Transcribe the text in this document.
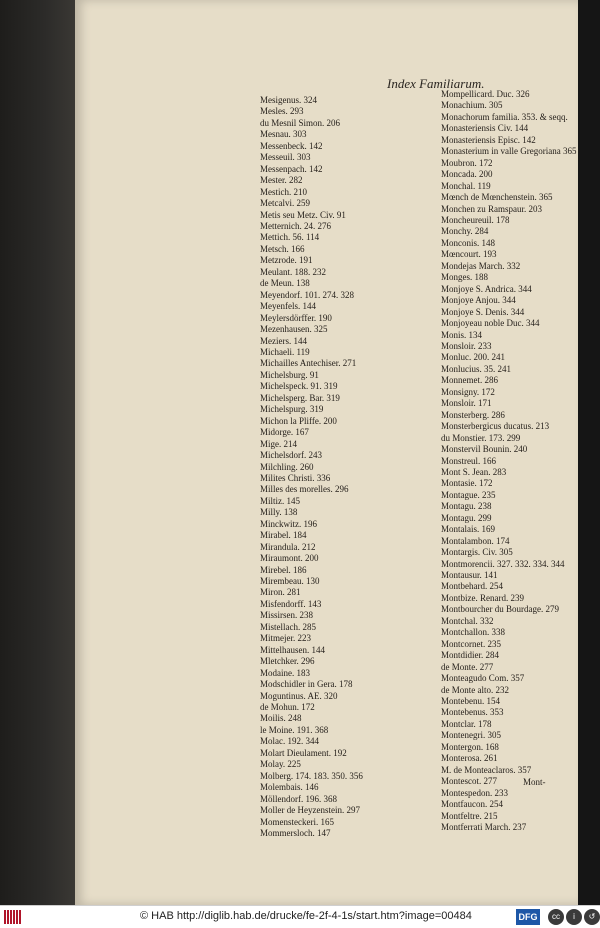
Index Familiarum.
Mesigenus. 324
Mesles. 293
du Mesnil Simon. 206
Mesnau. 303
Messenbeck. 142
Messeuil. 303
Messenpach. 142
Mester. 282
Mestich. 210
Metcalvi. 259
Metis seu Metz. Civ. 91
Metternich. 24. 276
Mettich. 56. 114
Metsch. 166
Metzrode. 191
Meulant. 188. 232
de Meun. 138
Meyendorf. 101. 274. 328
Meyenfels. 144
Meylersdörffer. 190
Mezenhausen. 325
Meziers. 144
Michaeli. 119
Michailles Antechiser. 271
Michelsburg. 91
Michelspeck. 91. 319
Michelsperg. Bar. 319
Michelspurg. 319
Michon la Pliffe. 200
Midorge. 167
Mige. 214
Michelsdorf. 243
Milchling. 260
Milites Christi. 336
Milles des morelles. 296
Miltiz. 145
Milly. 138
Minckwitz. 196
Mirabel. 184
Mirandula. 212
Miraumont. 200
Mirebel. 186
Mirembeau. 130
Miron. 281
Misfendorff. 143
Missirsen. 238
Mistellach. 285
Mitmejer. 223
Mittelhausen. 144
Mletchker. 296
Modaine. 183
Modschidler in Gera. 178
Moguntinus. AE. 320
de Mohun. 172
Moilis. 248
le Moine. 191. 368
Molac. 192. 344
Molart Dieulament. 192
Molay. 225
Molberg. 174. 183. 350. 356
Molembais. 146
Möllendorf. 196. 368
Moller de Heyzenstein. 297
Momensteckeri. 165
Mommersloch. 147
Mompellicard. Duc. 326
Monachium. 305
Monachorum familia. 353. & seqq.
Monasteriensis Civ. 144
Monasteriensis Episc. 142
Monasterium in valle Gregoriana 365
Moubron. 172
Moncada. 200
Monchal. 119
Mœnch de Mœnchenstein. 365
Monchen zu Ramspaur. 203
Moncheureuil. 178
Monchy. 284
Monconis. 148
Mœncourt. 193
Mondejas March. 332
Monges. 188
Monjoye S. Andrica. 344
Monjoye Anjou. 344
Monjoye S. Denis. 344
Monjoyeau noble Duc. 344
Monis. 134
Monsloir. 233
Monluc. 200. 241
Monlucius. 35. 241
Monnemet. 286
Monsigny. 172
Monsloir. 171
Monsterberg. 286
Monsterbergicus ducatus. 213
du Monstier. 173. 299
Monstervil Bounin. 240
Monstreul. 166
Mont S. Jean. 283
Montasie. 172
Montague. 235
Montagu. 238
Montagu. 299
Montalais. 169
Montalambon. 174
Montargis. Civ. 305
Montmorencii. 327. 332. 334. 344
Montausur. 141
Montbehard. 254
Montbize. Renard. 239
Montbourcher du Bourdage. 279
Montchal. 332
Montchallon. 338
Montcornet. 235
Montdidier. 284
de Monte. 277
Monteagudo Com. 357
de Monte alto. 232
Montebenu. 154
Montebenus. 353
Montclar. 178
Montenegri. 305
Montergon. 168
Monterosa. 261
M. de Monteaclaros. 357
Montescot. 277
Montespedon. 233
Montfaucon. 254
Montfeltre. 215
Montferrati March. 237
Mont-
© HAB http://diglib.hab.de/drucke/fe-2f-4-1s/start.htm?image=00484	DFG	cc	i	↺
